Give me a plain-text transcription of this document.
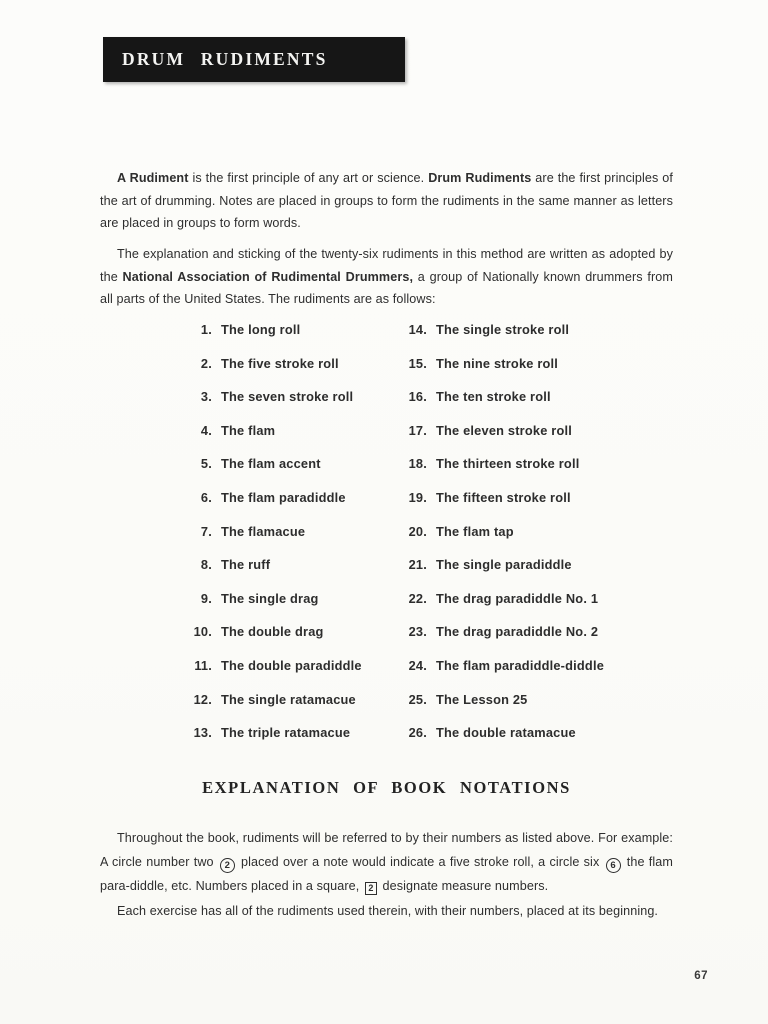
DRUM RUDIMENTS

A Rudiment is the first principle of any art or science. Drum Rudiments are the first principles of the art of drumming. Notes are placed in groups to form the rudiments in the same manner as letters are placed in groups to form words.

The explanation and sticking of the twenty-six rudiments in this method are written as adopted by the National Association of Rudimental Drummers, a group of Nationally known drummers from all parts of the United States. The rudiments are as follows:

1. The long roll
2. The five stroke roll
3. The seven stroke roll
4. The flam
5. The flam accent
6. The flam paradiddle
7. The flamacue
8. The ruff
9. The single drag
10. The double drag
11. The double paradiddle
12. The single ratamacue
13. The triple ratamacue
14. The single stroke roll
15. The nine stroke roll
16. The ten stroke roll
17. The eleven stroke roll
18. The thirteen stroke roll
19. The fifteen stroke roll
20. The flam tap
21. The single paradiddle
22. The drag paradiddle No. 1
23. The drag paradiddle No. 2
24. The flam paradiddle-diddle
25. The Lesson 25
26. The double ratamacue
EXPLANATION OF BOOK NOTATIONS

Throughout the book, rudiments will be referred to by their numbers as listed above. For example: A circle number two 2 placed over a note would indicate a five stroke roll, a circle six 6 the flam para-diddle, etc. Numbers placed in a square, 2 designate measure numbers.

Each exercise has all of the rudiments used therein, with their numbers, placed at its beginning.

67
